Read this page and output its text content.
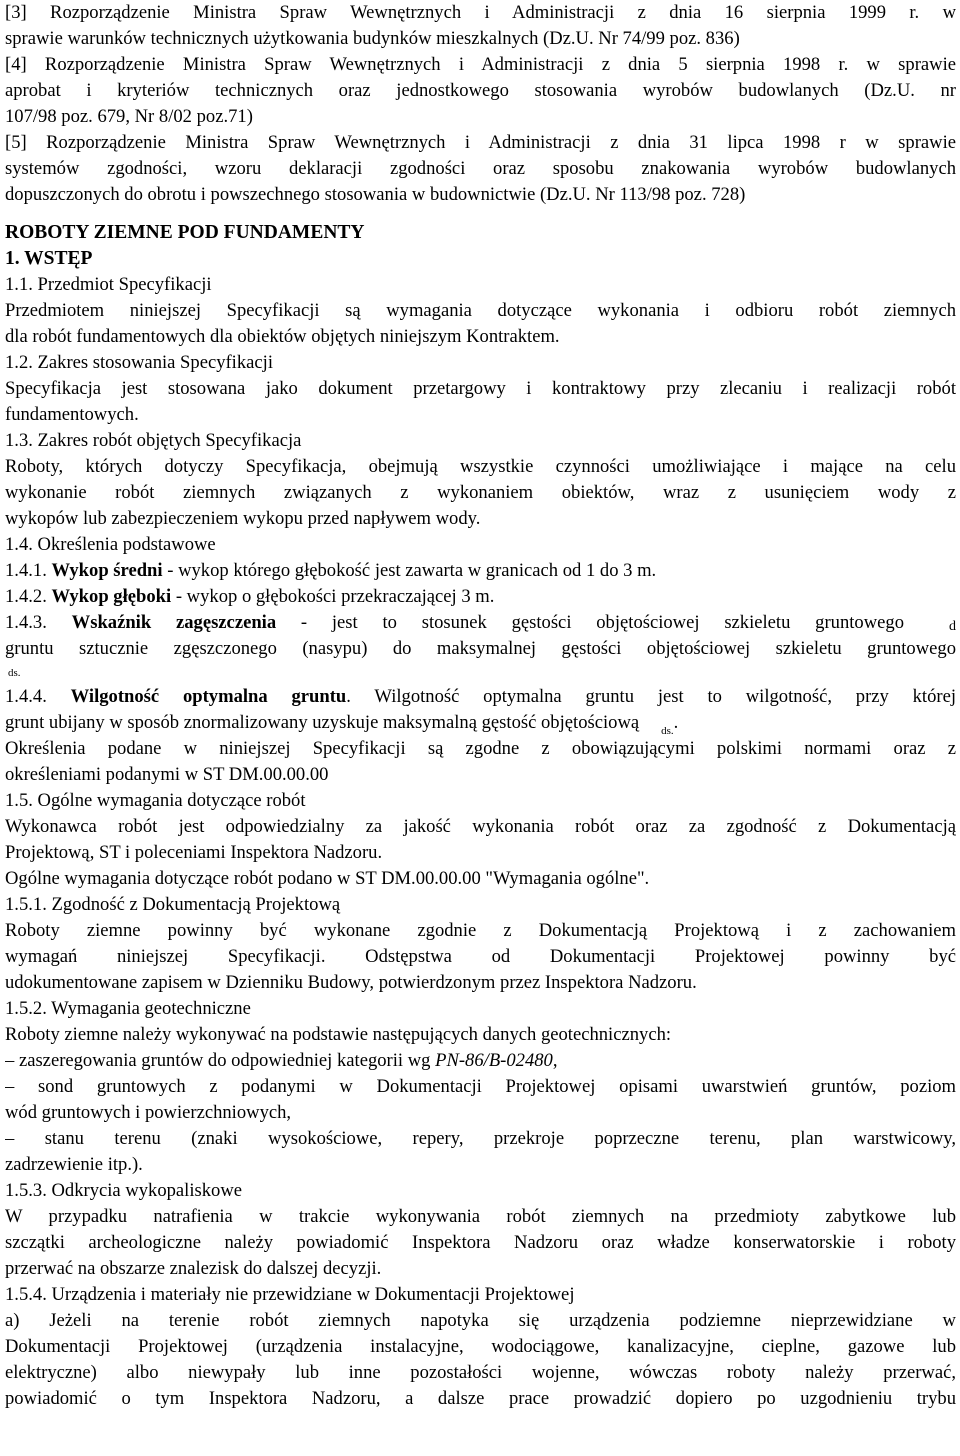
[3] Rozporządzenie Ministra Spraw Wewnętrznych i Administracji z dnia 16 sierpnia 1999 r. w
sprawie warunków technicznych użytkowania budynków mieszkalnych (Dz.U. Nr 74/99 poz. 836)
[4] Rozporządzenie Ministra Spraw Wewnętrznych i Administracji z dnia 5 sierpnia 1998 r. w sprawie
aprobat i kryteriów technicznych oraz jednostkowego stosowania wyrobów budowlanych (Dz.U. nr
107/98 poz. 679, Nr 8/02 poz.71)
[5] Rozporządzenie Ministra Spraw Wewnętrznych i Administracji z dnia 31 lipca 1998 r w sprawie
systemów zgodności, wzoru deklaracji zgodności oraz sposobu znakowania wyrobów budowlanych
dopuszczonych do obrotu i powszechnego stosowania w budownictwie (Dz.U. Nr 113/98 poz. 728)
ROBOTY ZIEMNE POD FUNDAMENTY
1. WSTĘP
1.1. Przedmiot Specyfikacji
Przedmiotem niniejszej Specyfikacji są wymagania dotyczące wykonania i odbioru robót ziemnych
dla robót fundamentowych dla obiektów objętych niniejszym Kontraktem.
1.2. Zakres stosowania Specyfikacji
Specyfikacja jest stosowana jako dokument przetargowy i kontraktowy przy zlecaniu i realizacji robót
fundamentowych.
1.3. Zakres robót objętych Specyfikacja
Roboty, których dotyczy Specyfikacja, obejmują wszystkie czynności umożliwiające i mające na celu
wykonanie robót ziemnych związanych z wykonaniem obiektów, wraz z usunięciem wody z
wykopów lub zabezpieczeniem wykopu przed napływem wody.
1.4. Określenia podstawowe
1.4.1. Wykop średni - wykop którego głębokość jest zawarta w granicach od 1 do 3 m.
1.4.2. Wykop głęboki - wykop o głębokości przekraczającej 3 m.
1.4.3. Wskaźnik zagęszczenia - jest to stosunek gęstości objętościowej szkieletu gruntowego	d
gruntu sztucznie zgęszczonego (nasypu) do maksymalnej gęstości objętościowej szkieletu gruntowego
ds.
1.4.4. Wilgotność optymalna gruntu. Wilgotność optymalna gruntu jest to wilgotność, przy której
grunt ubijany w sposób znormalizowany uzyskuje maksymalną gęstość objętościową $_{ds.}$.
Określenia podane w niniejszej Specyfikacji są zgodne z obowiązującymi polskimi normami oraz z
określeniami podanymi w ST DM.00.00.00
1.5. Ogólne wymagania dotyczące robót
Wykonawca robót jest odpowiedzialny za jakość wykonania robót oraz za zgodność z Dokumentacją
Projektową, ST i poleceniami Inspektora Nadzoru.
Ogólne wymagania dotyczące robót podano w ST DM.00.00.00 "Wymagania ogólne".
1.5.1. Zgodność z Dokumentacją Projektową
Roboty ziemne powinny być wykonane zgodnie z Dokumentacją Projektową i z zachowaniem
wymagań niniejszej Specyfikacji. Odstępstwa od Dokumentacji Projektowej powinny być
udokumentowane zapisem w Dzienniku Budowy, potwierdzonym przez Inspektora Nadzoru.
1.5.2. Wymagania geotechniczne
Roboty ziemne należy wykonywać na podstawie następujących danych geotechnicznych:
– zaszeregowania gruntów do odpowiedniej kategorii wg PN-86/B-02480,
– sond gruntowych z podanymi w Dokumentacji Projektowej opisami uwarstwień gruntów, poziom
wód gruntowych i powierzchniowych,
– stanu terenu (znaki wysokościowe, repery, przekroje poprzeczne terenu, plan warstwicowy,
zadrzewienie itp.).
1.5.3. Odkrycia wykopaliskowe
W przypadku natrafienia w trakcie wykonywania robót ziemnych na przedmioty zabytkowe lub
szczątki archeologiczne należy powiadomić Inspektora Nadzoru oraz władze konserwatorskie i roboty
przerwać na obszarze znalezisk do dalszej decyzji.
1.5.4. Urządzenia i materiały nie przewidziane w Dokumentacji Projektowej
a) Jeżeli na terenie robót ziemnych napotyka się urządzenia podziemne nieprzewidziane w
Dokumentacji Projektowej (urządzenia instalacyjne, wodociągowe, kanalizacyjne, cieplne, gazowe lub
elektryczne) albo niewypały lub inne pozostałości wojenne, wówczas roboty należy przerwać,
powiadomić o tym Inspektora Nadzoru, a dalsze prace prowadzić dopiero po uzgodnieniu trybu
